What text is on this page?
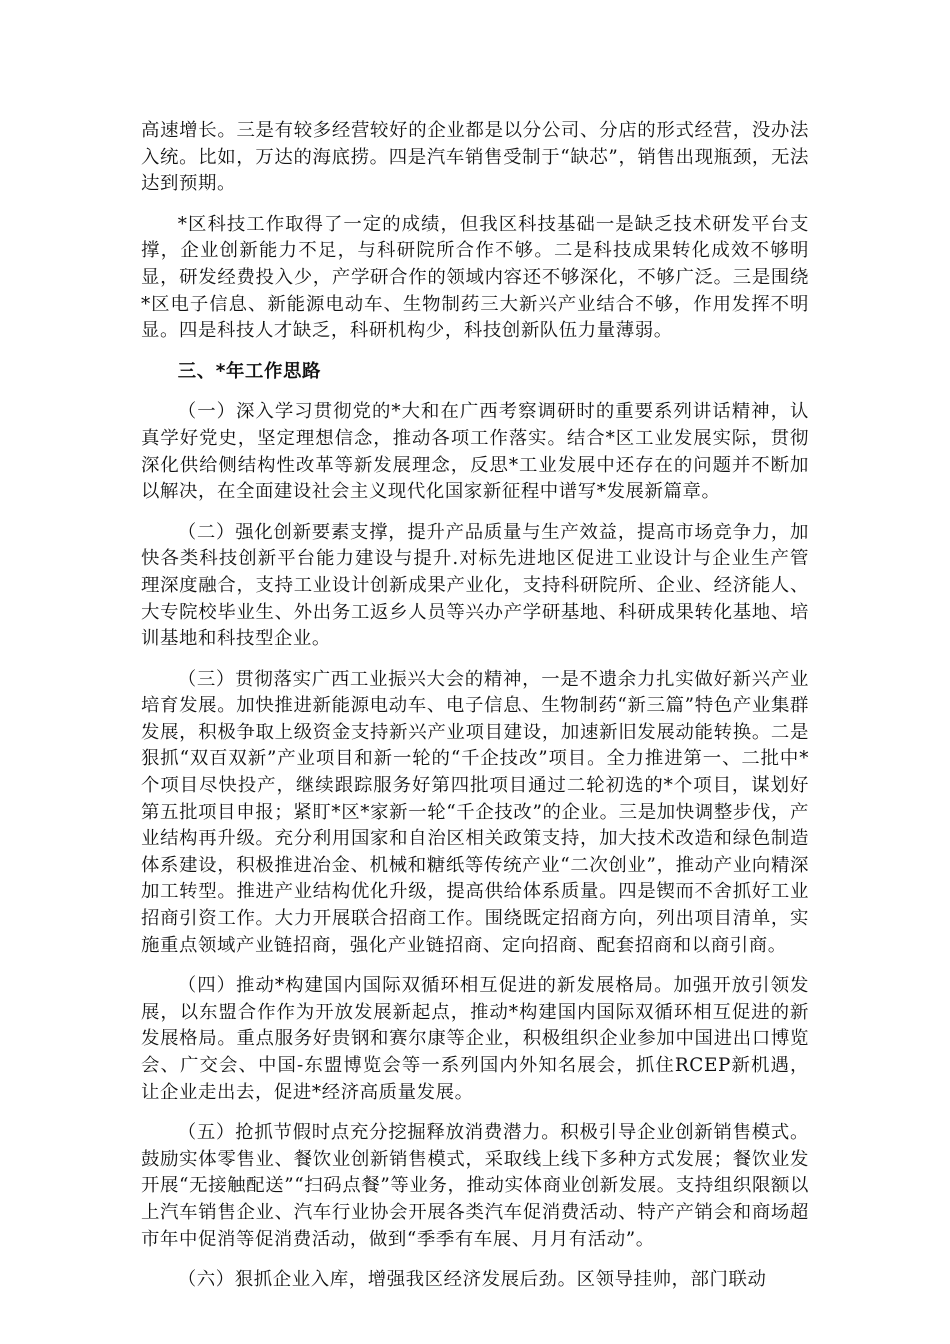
高速增长。三是有较多经营较好的企业都是以分公司、分店的形式经营，没办法入统。比如，万达的海底捞。四是汽车销售受制于“缺芯”，销售出现瓶颈，无法达到预期。

*区科技工作取得了一定的成绩，但我区科技基础一是缺乏技术研发平台支撑，企业创新能力不足，与科研院所合作不够。二是科技成果转化成效不够明显，研发经费投入少，产学研合作的领域内容还不够深化，不够广泛。三是围绕*区电子信息、新能源电动车、生物制药三大新兴产业结合不够，作用发挥不明显。四是科技人才缺乏，科研机构少，科技创新队伍力量薄弱。

三、*年工作思路

（一）深入学习贯彻党的*大和在广西考察调研时的重要系列讲话精神，认真学好党史，坚定理想信念，推动各项工作落实。结合*区工业发展实际，贯彻深化供给侧结构性改革等新发展理念，反思*工业发展中还存在的问题并不断加以解决，在全面建设社会主义现代化国家新征程中谱写*发展新篇章。

（二）强化创新要素支撑，提升产品质量与生产效益，提高市场竞争力，加快各类科技创新平台能力建设与提升.对标先进地区促进工业设计与企业生产管理深度融合，支持工业设计创新成果产业化，支持科研院所、企业、经济能人、大专院校毕业生、外出务工返乡人员等兴办产学研基地、科研成果转化基地、培训基地和科技型企业。

（三）贯彻落实广西工业振兴大会的精神，一是不遗余力扎实做好新兴产业培育发展。加快推进新能源电动车、电子信息、生物制药“新三篇”特色产业集群发展，积极争取上级资金支持新兴产业项目建设，加速新旧发展动能转换。二是狠抓“双百双新”产业项目和新一轮的“千企技改”项目。全力推进第一、二批中*个项目尽快投产，继续跟踪服务好第四批项目通过二轮初选的*个项目，谋划好第五批项目申报；紧盯*区*家新一轮“千企技改”的企业。三是加快调整步伐，产业结构再升级。充分利用国家和自治区相关政策支持，加大技术改造和绿色制造体系建设，积极推进冶金、机械和糖纸等传统产业“二次创业”，推动产业向精深加工转型。推进产业结构优化升级，提高供给体系质量。四是锲而不舍抓好工业招商引资工作。大力开展联合招商工作。围绕既定招商方向，列出项目清单，实施重点领域产业链招商，强化产业链招商、定向招商、配套招商和以商引商。

（四）推动*构建国内国际双循环相互促进的新发展格局。加强开放引领发展，以东盟合作作为开放发展新起点，推动*构建国内国际双循环相互促进的新发展格局。重点服务好贵钢和赛尔康等企业，积极组织企业参加中国进出口博览会、广交会、中国-东盟博览会等一系列国内外知名展会，抓住RCEP新机遇，让企业走出去，促进*经济高质量发展。

（五）抢抓节假时点充分挖掘释放消费潜力。积极引导企业创新销售模式。鼓励实体零售业、餐饮业创新销售模式，采取线上线下多种方式发展；餐饮业发开展“无接触配送”“扫码点餐”等业务，推动实体商业创新发展。支持组织限额以上汽车销售企业、汽车行业协会开展各类汽车促消费活动、特产产销会和商场超市年中促消等促消费活动，做到“季季有车展、月月有活动”。

（六）狠抓企业入库，增强我区经济发展后劲。区领导挂帅，部门联动
